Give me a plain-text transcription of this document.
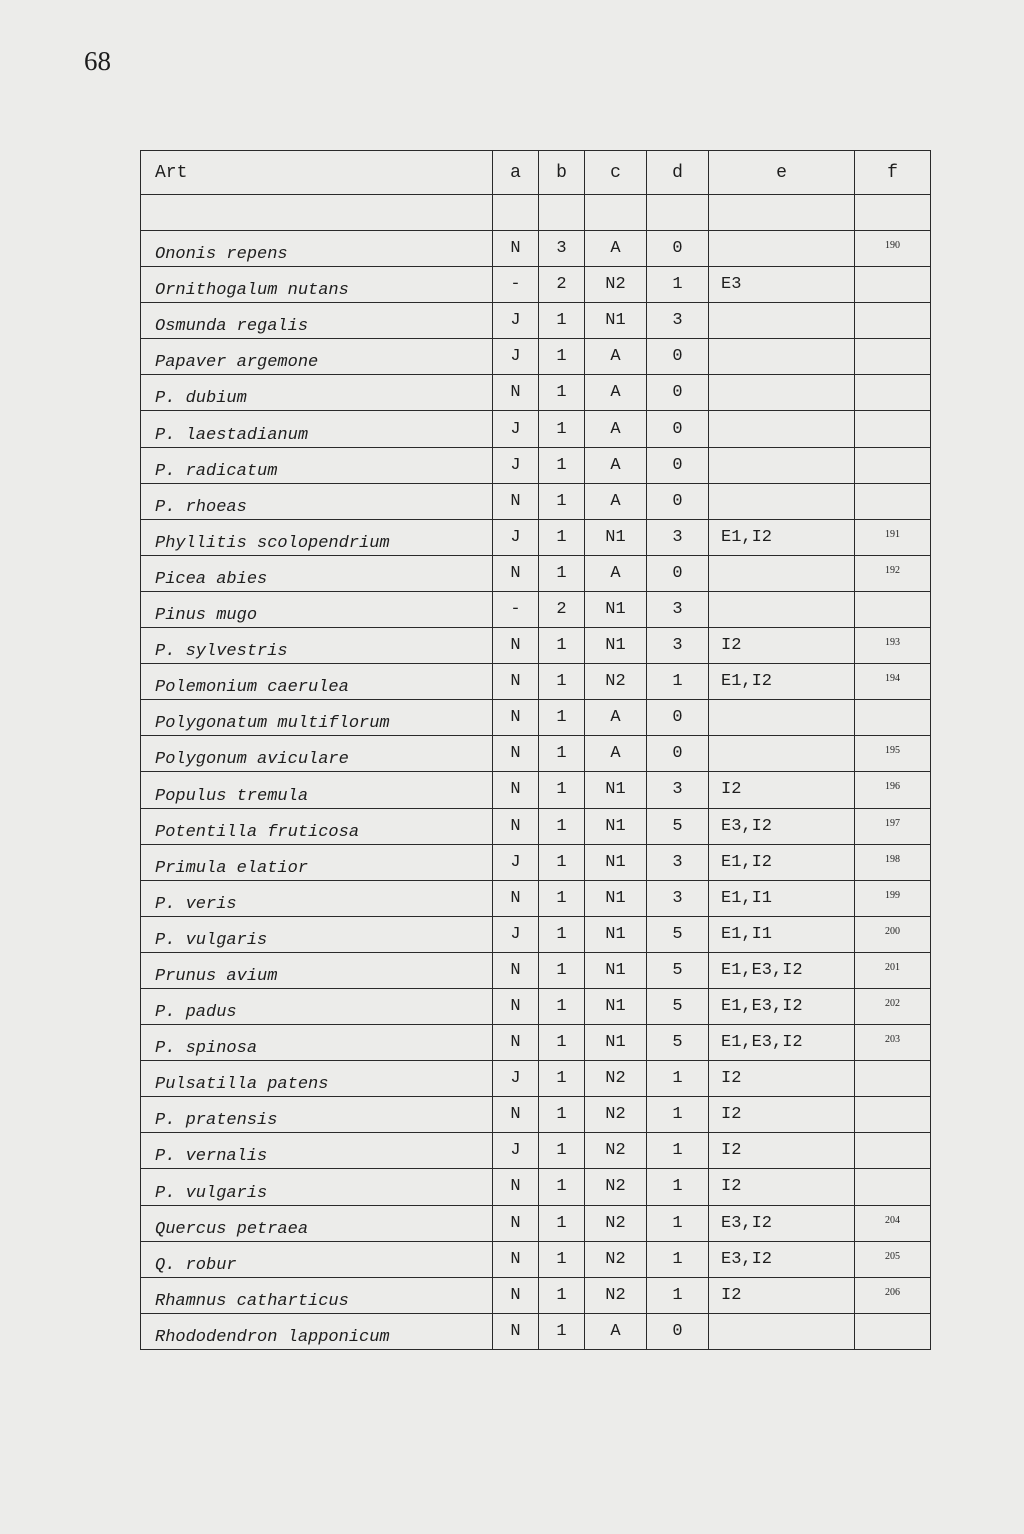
68
Art	a	b	c	d	e	f

Ononis repens	N	3	A	0		190
Ornithogalum nutans	-	2	N2	1	E3	
Osmunda regalis	J	1	N1	3		
Papaver argemone	J	1	A	0		
P. dubium	N	1	A	0		
P. laestadianum	J	1	A	0		
P. radicatum	J	1	A	0		
P. rhoeas	N	1	A	0		
Phyllitis scolopendrium	J	1	N1	3	E1,I2	191
Picea abies	N	1	A	0		192
Pinus mugo	-	2	N1	3		
P. sylvestris	N	1	N1	3	I2	193
Polemonium caerulea	N	1	N2	1	E1,I2	194
Polygonatum multiflorum	N	1	A	0		
Polygonum aviculare	N	1	A	0		195
Populus tremula	N	1	N1	3	I2	196
Potentilla fruticosa	N	1	N1	5	E3,I2	197
Primula elatior	J	1	N1	3	E1,I2	198
P. veris	N	1	N1	3	E1,I1	199
P. vulgaris	J	1	N1	5	E1,I1	200
Prunus avium	N	1	N1	5	E1,E3,I2	201
P. padus	N	1	N1	5	E1,E3,I2	202
P. spinosa	N	1	N1	5	E1,E3,I2	203
Pulsatilla patens	J	1	N2	1	I2	
P. pratensis	N	1	N2	1	I2	
P. vernalis	J	1	N2	1	I2	
P. vulgaris	N	1	N2	1	I2	
Quercus petraea	N	1	N2	1	E3,I2	204
Q. robur	N	1	N2	1	E3,I2	205
Rhamnus catharticus	N	1	N2	1	I2	206
Rhododendron lapponicum	N	1	A	0		
